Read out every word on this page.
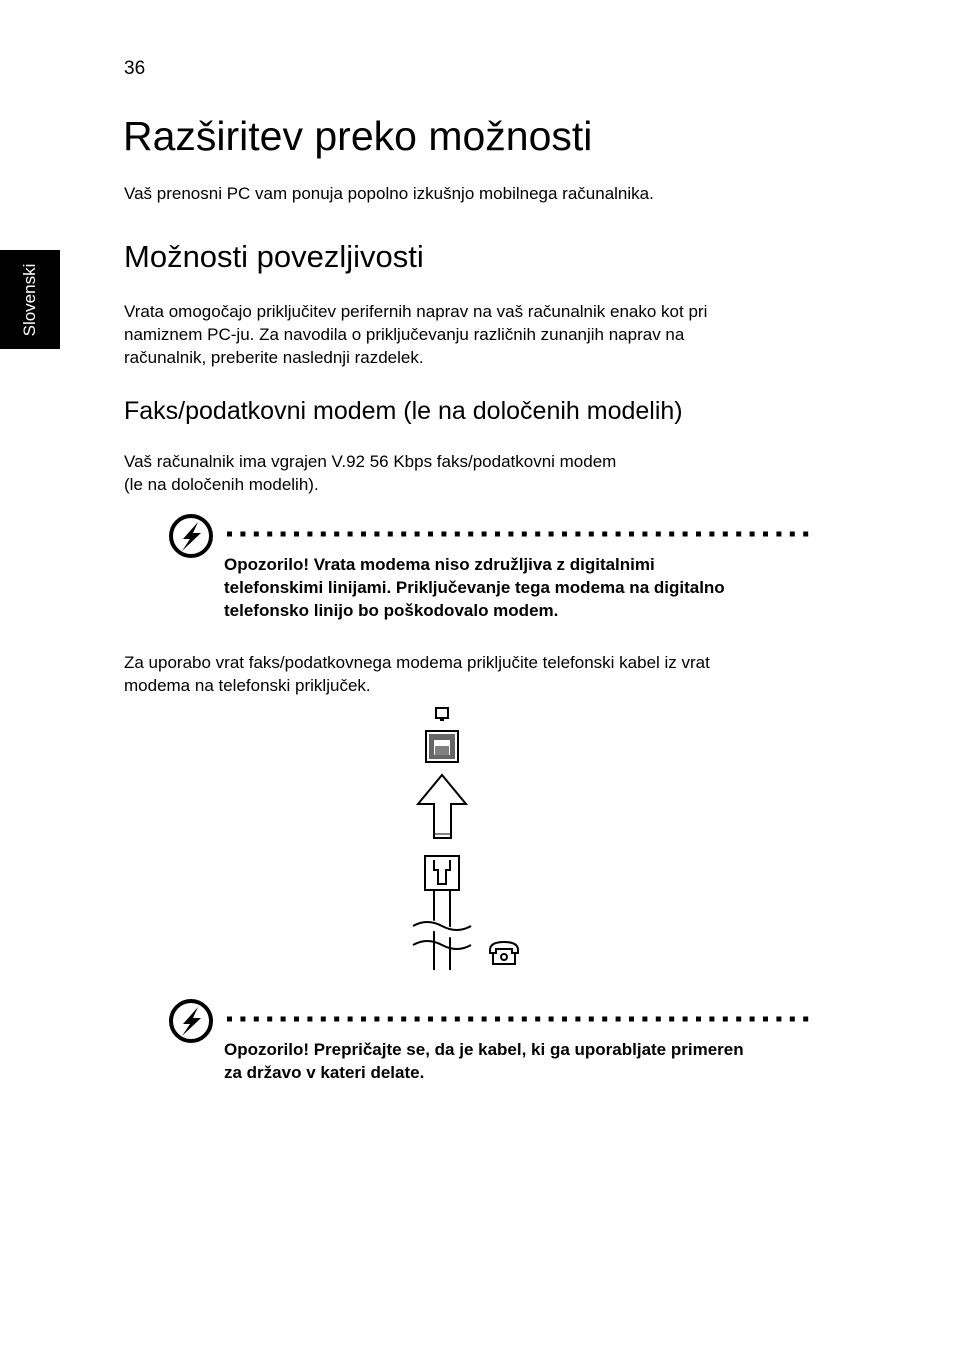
36
Slovenski
Razširitev preko možnosti
Vaš prenosni PC vam ponuja popolno izkušnjo mobilnega računalnika.
Možnosti povezljivosti

Vrata omogočajo priključitev perifernih naprav na vaš računalnik enako kot pri
namiznem PC-ju. Za navodila o priključevanju različnih zunanjih naprav na
računalnik, preberite naslednji razdelek.

Faks/podatkovni modem (le na določenih modelih)

Vaš računalnik ima vgrajen V.92 56 Kbps faks/podatkovni modem
(le na določenih modelih).

Opozorilo! Vrata modema niso združljiva z digitalnimi
telefonskimi linijami. Priključevanje tega modema na digitalno
telefonsko linijo bo poškodovalo modem.

Za uporabo vrat faks/podatkovnega modema priključite telefonski kabel iz vrat
modema na telefonski priključek.

Opozorilo! Prepričajte se, da je kabel, ki ga uporabljate primeren
za državo v kateri delate.
